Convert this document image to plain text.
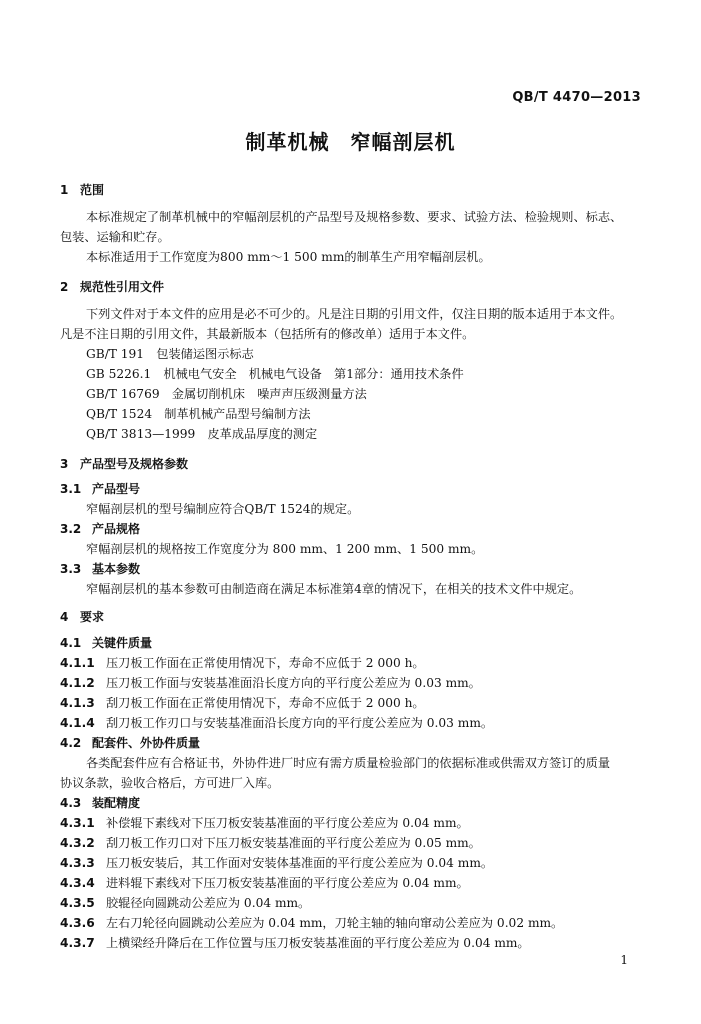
QB/T 4470—2013
制革机械　窄幅剖层机
1 范围
本标准规定了制革机械中的窄幅剖层机的产品型号及规格参数、要求、试验方法、检验规则、标志、
包装、运输和贮存。
本标准适用于工作宽度为800 mm～1 500 mm的制革生产用窄幅剖层机。
2 规范性引用文件
下列文件对于本文件的应用是必不可少的。凡是注日期的引用文件，仅注日期的版本适用于本文件。
凡是不注日期的引用文件，其最新版本（包括所有的修改单）适用于本文件。
GB/T 191　包装储运图示标志
GB 5226.1　机械电气安全　机械电气设备　第1部分：通用技术条件
GB/T 16769　金属切削机床　噪声声压级测量方法
QB/T 1524　制革机械产品型号编制方法
QB/T 3813—1999　皮革成品厚度的测定
3 产品型号及规格参数
3.1 产品型号
窄幅剖层机的型号编制应符合QB/T 1524的规定。
3.2 产品规格
窄幅剖层机的规格按工作宽度分为 800 mm、1 200 mm、1 500 mm。
3.3 基本参数
窄幅剖层机的基本参数可由制造商在满足本标准第4章的情况下，在相关的技术文件中规定。
4 要求
4.1 关键件质量
4.1.1 压刀板工作面在正常使用情况下，寿命不应低于 2 000 h。
4.1.2 压刀板工作面与安装基准面沿长度方向的平行度公差应为 0.03 mm。
4.1.3 刮刀板工作面在正常使用情况下，寿命不应低于 2 000 h。
4.1.4 刮刀板工作刃口与安装基准面沿长度方向的平行度公差应为 0.03 mm。
4.2 配套件、外协件质量
各类配套件应有合格证书，外协件进厂时应有需方质量检验部门的依据标准或供需双方签订的质量
协议条款，验收合格后，方可进厂入库。
4.3 装配精度
4.3.1 补偿辊下素线对下压刀板安装基准面的平行度公差应为 0.04 mm。
4.3.2 刮刀板工作刃口对下压刀板安装基准面的平行度公差应为 0.05 mm。
4.3.3 压刀板安装后，其工作面对安装体基准面的平行度公差应为 0.04 mm。
4.3.4 进料辊下素线对下压刀板安装基准面的平行度公差应为 0.04 mm。
4.3.5 胶辊径向圆跳动公差应为 0.04 mm。
4.3.6 左右刀轮径向圆跳动公差应为 0.04 mm，刀轮主轴的轴向窜动公差应为 0.02 mm。
4.3.7 上横梁经升降后在工作位置与压刀板安装基准面的平行度公差应为 0.04 mm。
1
